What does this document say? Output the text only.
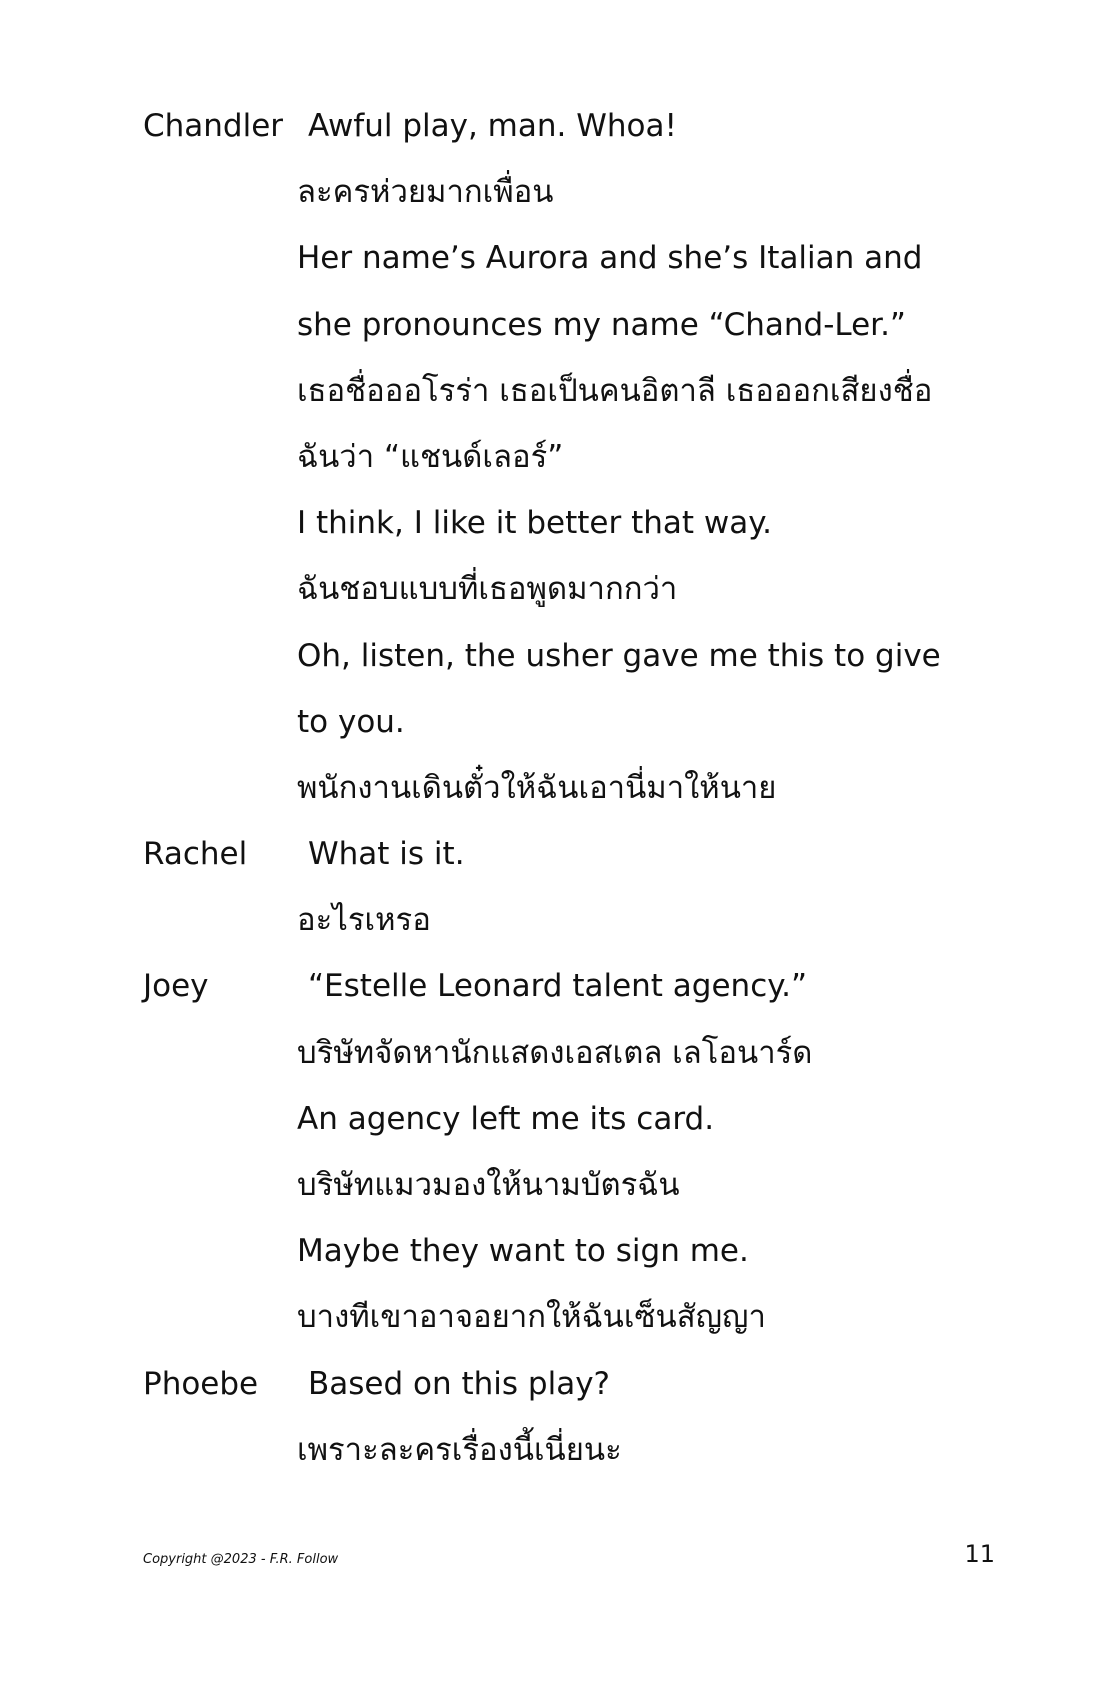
Chandler Awful play, man. Whoa!
ละครห่วยมากเพื่อน
Her name’s Aurora and she’s Italian and
she pronounces my name “Chand-Ler.”
เธอชื่อออโรร่า เธอเป็นคนอิตาลี เธอออกเสียงชื่อ
ฉันว่า “แชนด์เลอร์”
I think, I like it better that way.
ฉันชอบแบบที่เธอพูดมากกว่า
Oh, listen, the usher gave me this to give
to you.
พนักงานเดินตั๋วให้ฉันเอานี่มาให้นาย
Rachel What is it.
อะไรเหรอ
Joey	“Estelle Leonard talent agency.”
บริษัทจัดหานักแสดงเอสเตล เลโอนาร์ด
An agency left me its card.
บริษัทแมวมองให้นามบัตรฉัน
Maybe they want to sign me.
บางทีเขาอาจอยากให้ฉันเซ็นสัญญา
Phoebe Based on this play?
เพราะละครเรื่องนี้เนี่ยนะ
Copyright @2023 - F.R. Follow	11
